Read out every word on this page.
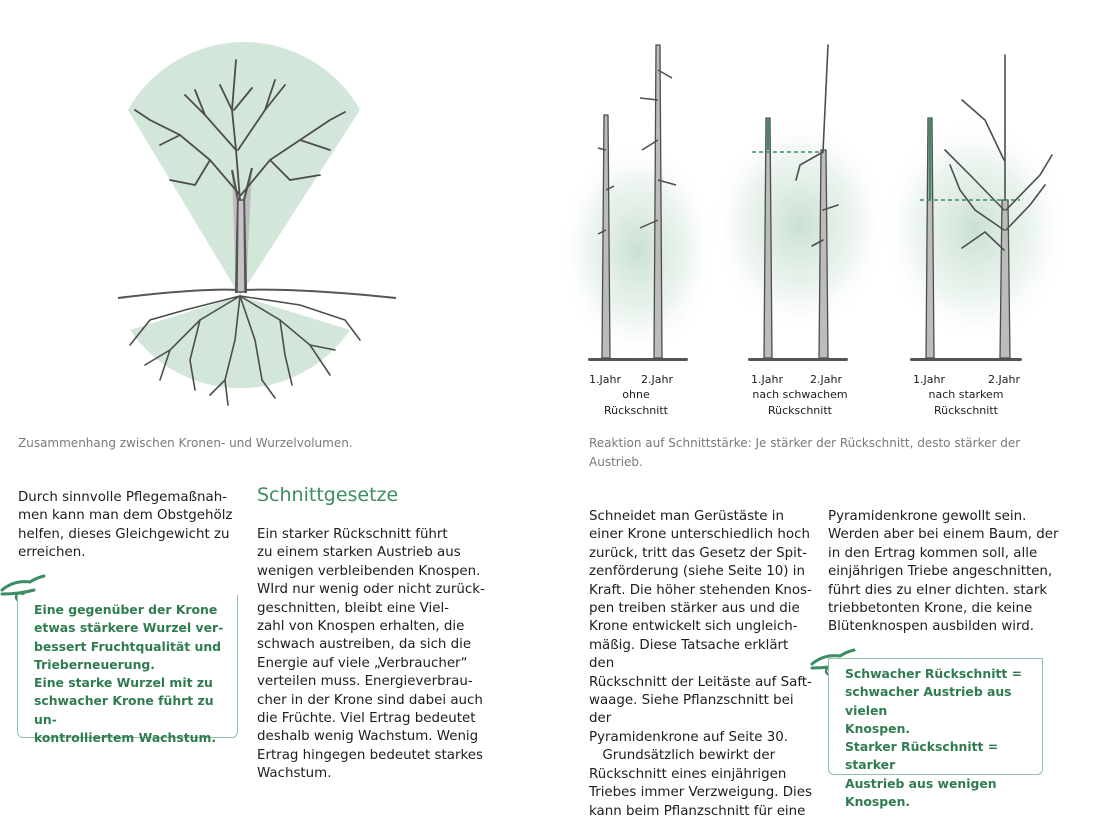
1.Jahr	2.Jahr
ohne
Rückschnitt
1.Jahr	2.Jahr
nach schwachem
Rückschnitt
1.Jahr	2.Jahr
nach starkem
Rückschnitt
Zusammenhang zwischen Kronen- und Wurzelvolumen.	Reaktion auf Schnittstärke: Je stärker der Rückschnitt, desto stärker der
Austrieb.

Durch sinnvolle Pflegemaßnah-

men kann man dem Obstgehölz

helfen, dieses Gleichgewicht zu

erreichen.

Eine gegenüber der Krone

etwas stärkere Wurzel ver-

bessert Fruchtqualität und

Trieberneuerung.

Eine starke Wurzel mit zu

schwacher Krone führt zu un-

kontrolliertem Wachstum.

Schnittgesetze

Ein starker Rückschnitt führt

zu einem starken Austrieb aus

wenigen verbleibenden Knospen.

WIrd nur wenig oder nicht zurück-

geschnitten, bleibt eine Viel-

zahl von Knospen erhalten, die

schwach austreiben, da sich die

Energie auf viele „Verbraucher“

verteilen muss. Energieverbrau-

cher in der Krone sind dabei auch

die Früchte. Viel Ertrag bedeutet

deshalb wenig Wachstum. Wenig

Ertrag hingegen bedeutet starkes

Wachstum.

Schneidet man Gerüstäste in

einer Krone unterschiedlich hoch

zurück, tritt das Gesetz der Spit-

zenförderung (siehe Seite 10) in

Kraft. Die höher stehenden Knos-

pen treiben stärker aus und die

Krone entwickelt sich ungleich-

mäßig. Diese Tatsache erklärt den

Rückschnitt der Leitäste auf Saft-

waage. Siehe Pflanzschnitt bei der

Pyramidenkrone auf Seite 30.

 Grundsätzlich bewirkt der

Rückschnitt eines einjährigen

Triebes immer Verzweigung. Dies

kann beim Pflanzschnitt für eine

Pyramidenkrone gewollt sein.

Werden aber bei einem Baum, der

in den Ertrag kommen soll, alle

einjährigen Triebe angeschnitten,

führt dies zu eIner dichten. stark

triebbetonten Krone, die keine

Blütenknospen ausbilden wird.

Schwacher Rückschnitt =

schwacher Austrieb aus vielen

Knospen.

Starker Rückschnitt = starker

Austrieb aus wenigen Knospen.
